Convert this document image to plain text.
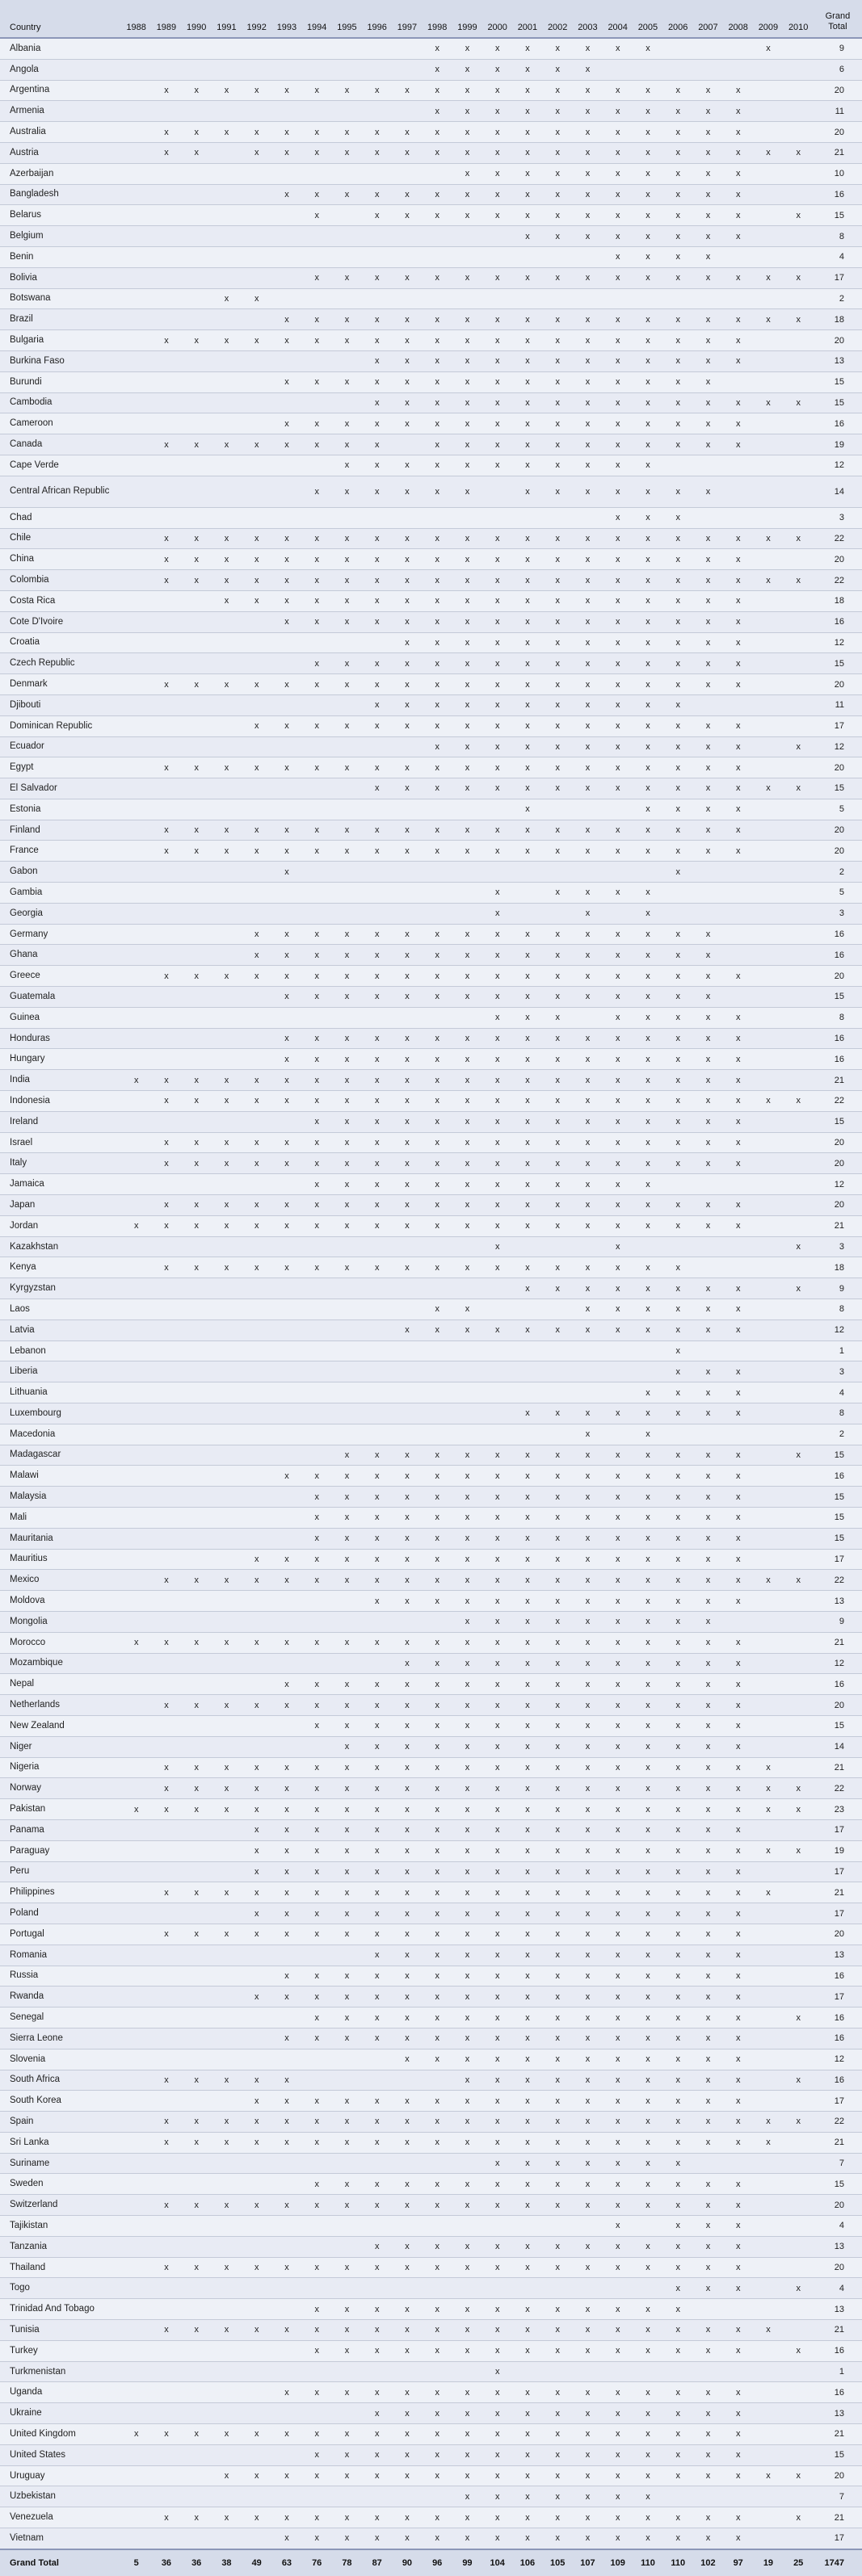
Country	1988	1989	1990	1991	1992	1993	1994	1995	1996	1997	1998	1999	2000	2001	2002	2003	2004	2005	2006	2007	2008	2009	2010	Grand
Total
Albania											x	x	x	x	x	x	x	x				x		9
Angola											x	x	x	x	x	x								6
Argentina		x	x	x	x	x	x	x	x	x	x	x	x	x	x	x	x	x	x	x	x			20
Armenia											x	x	x	x	x	x	x	x	x	x	x			11
Australia		x	x	x	x	x	x	x	x	x	x	x	x	x	x	x	x	x	x	x	x			20
Austria		x	x		x	x	x	x	x	x	x	x	x	x	x	x	x	x	x	x	x	x	x	21
Azerbaijan												x	x	x	x	x	x	x	x	x	x			10
Bangladesh						x	x	x	x	x	x	x	x	x	x	x	x	x	x	x	x			16
Belarus							x		x	x	x	x	x	x	x	x	x	x	x	x	x		x	15
Belgium														x	x	x	x	x	x	x	x			8
Benin																	x	x	x	x				4
Bolivia							x	x	x	x	x	x	x	x	x	x	x	x	x	x	x	x	x	17
Botswana				x	x																			2
Brazil						x	x	x	x	x	x	x	x	x	x	x	x	x	x	x	x	x	x	18
Bulgaria		x	x	x	x	x	x	x	x	x	x	x	x	x	x	x	x	x	x	x	x			20
Burkina Faso									x	x	x	x	x	x	x	x	x	x	x	x	x			13
Burundi						x	x	x	x	x	x	x	x	x	x	x	x	x	x	x				15
Cambodia									x	x	x	x	x	x	x	x	x	x	x	x	x	x	x	15
Cameroon						x	x	x	x	x	x	x	x	x	x	x	x	x	x	x	x			16
Canada		x	x	x	x	x	x	x	x		x	x	x	x	x	x	x	x	x	x	x			19
Cape Verde								x	x	x	x	x	x	x	x	x	x	x						12
Central African Republic							x	x	x	x	x	x		x	x	x	x	x	x	x				14
Chad																	x	x	x					3
Chile		x	x	x	x	x	x	x	x	x	x	x	x	x	x	x	x	x	x	x	x	x	x	22
China		x	x	x	x	x	x	x	x	x	x	x	x	x	x	x	x	x	x	x	x			20
Colombia		x	x	x	x	x	x	x	x	x	x	x	x	x	x	x	x	x	x	x	x	x	x	22
Costa Rica				x	x	x	x	x	x	x	x	x	x	x	x	x	x	x	x	x	x			18
Cote D'Ivoire						x	x	x	x	x	x	x	x	x	x	x	x	x	x	x	x			16
Croatia										x	x	x	x	x	x	x	x	x	x	x	x			12
Czech Republic							x	x	x	x	x	x	x	x	x	x	x	x	x	x	x			15
Denmark		x	x	x	x	x	x	x	x	x	x	x	x	x	x	x	x	x	x	x	x			20
Djibouti									x	x	x	x	x	x	x	x	x	x	x					11
Dominican Republic					x	x	x	x	x	x	x	x	x	x	x	x	x	x	x	x	x			17
Ecuador											x	x	x	x	x	x	x	x	x	x	x		x	12
Egypt		x	x	x	x	x	x	x	x	x	x	x	x	x	x	x	x	x	x	x	x			20
El Salvador									x	x	x	x	x	x	x	x	x	x	x	x	x	x	x	15
Estonia														x				x	x	x	x			5
Finland		x	x	x	x	x	x	x	x	x	x	x	x	x	x	x	x	x	x	x	x			20
France		x	x	x	x	x	x	x	x	x	x	x	x	x	x	x	x	x	x	x	x			20
Gabon						x													x					2
Gambia													x		x	x	x	x						5
Georgia													x			x		x						3
Germany					x	x	x	x	x	x	x	x	x	x	x	x	x	x	x	x				16
Ghana					x	x	x	x	x	x	x	x	x	x	x	x	x	x	x	x				16
Greece		x	x	x	x	x	x	x	x	x	x	x	x	x	x	x	x	x	x	x	x			20
Guatemala						x	x	x	x	x	x	x	x	x	x	x	x	x	x	x				15
Guinea													x	x	x		x	x	x	x	x			8
Honduras						x	x	x	x	x	x	x	x	x	x	x	x	x	x	x	x			16
Hungary						x	x	x	x	x	x	x	x	x	x	x	x	x	x	x	x			16
India	x	x	x	x	x	x	x	x	x	x	x	x	x	x	x	x	x	x	x	x	x			21
Indonesia		x	x	x	x	x	x	x	x	x	x	x	x	x	x	x	x	x	x	x	x	x	x	22
Ireland							x	x	x	x	x	x	x	x	x	x	x	x	x	x	x			15
Israel		x	x	x	x	x	x	x	x	x	x	x	x	x	x	x	x	x	x	x	x			20
Italy		x	x	x	x	x	x	x	x	x	x	x	x	x	x	x	x	x	x	x	x			20
Jamaica							x	x	x	x	x	x	x	x	x	x	x	x						12
Japan		x	x	x	x	x	x	x	x	x	x	x	x	x	x	x	x	x	x	x	x			20
Jordan	x	x	x	x	x	x	x	x	x	x	x	x	x	x	x	x	x	x	x	x	x			21
Kazakhstan													x				x						x	3
Kenya		x	x	x	x	x	x	x	x	x	x	x	x	x	x	x	x	x	x					18
Kyrgyzstan														x	x	x	x	x	x	x	x		x	9
Laos											x	x				x	x	x	x	x	x			8
Latvia										x	x	x	x	x	x	x	x	x	x	x	x			12
Lebanon																			x					1
Liberia																			x	x	x			3
Lithuania																		x	x	x	x			4
Luxembourg														x	x	x	x	x	x	x	x			8
Macedonia																x		x						2
Madagascar								x	x	x	x	x	x	x	x	x	x	x	x	x	x		x	15
Malawi						x	x	x	x	x	x	x	x	x	x	x	x	x	x	x	x			16
Malaysia							x	x	x	x	x	x	x	x	x	x	x	x	x	x	x			15
Mali							x	x	x	x	x	x	x	x	x	x	x	x	x	x	x			15
Mauritania							x	x	x	x	x	x	x	x	x	x	x	x	x	x	x			15
Mauritius					x	x	x	x	x	x	x	x	x	x	x	x	x	x	x	x	x			17
Mexico		x	x	x	x	x	x	x	x	x	x	x	x	x	x	x	x	x	x	x	x	x	x	22
Moldova									x	x	x	x	x	x	x	x	x	x	x	x	x			13
Mongolia												x	x	x	x	x	x	x	x	x				9
Morocco	x	x	x	x	x	x	x	x	x	x	x	x	x	x	x	x	x	x	x	x	x			21
Mozambique										x	x	x	x	x	x	x	x	x	x	x	x			12
Nepal						x	x	x	x	x	x	x	x	x	x	x	x	x	x	x	x			16
Netherlands		x	x	x	x	x	x	x	x	x	x	x	x	x	x	x	x	x	x	x	x			20
New Zealand							x	x	x	x	x	x	x	x	x	x	x	x	x	x	x			15
Niger								x	x	x	x	x	x	x	x	x	x	x	x	x	x			14
Nigeria		x	x	x	x	x	x	x	x	x	x	x	x	x	x	x	x	x	x	x	x	x		21
Norway		x	x	x	x	x	x	x	x	x	x	x	x	x	x	x	x	x	x	x	x	x	x	22
Pakistan	x	x	x	x	x	x	x	x	x	x	x	x	x	x	x	x	x	x	x	x	x	x	x	23
Panama					x	x	x	x	x	x	x	x	x	x	x	x	x	x	x	x	x			17
Paraguay					x	x	x	x	x	x	x	x	x	x	x	x	x	x	x	x	x	x	x	19
Peru					x	x	x	x	x	x	x	x	x	x	x	x	x	x	x	x	x			17
Philippines		x	x	x	x	x	x	x	x	x	x	x	x	x	x	x	x	x	x	x	x	x		21
Poland					x	x	x	x	x	x	x	x	x	x	x	x	x	x	x	x	x			17
Portugal		x	x	x	x	x	x	x	x	x	x	x	x	x	x	x	x	x	x	x	x			20
Romania									x	x	x	x	x	x	x	x	x	x	x	x	x			13
Russia						x	x	x	x	x	x	x	x	x	x	x	x	x	x	x	x			16
Rwanda					x	x	x	x	x	x	x	x	x	x	x	x	x	x	x	x	x			17
Senegal							x	x	x	x	x	x	x	x	x	x	x	x	x	x	x		x	16
Sierra Leone						x	x	x	x	x	x	x	x	x	x	x	x	x	x	x	x			16
Slovenia										x	x	x	x	x	x	x	x	x	x	x	x			12
South Africa		x	x	x	x	x						x	x	x	x	x	x	x	x	x	x		x	16
South Korea					x	x	x	x	x	x	x	x	x	x	x	x	x	x	x	x	x			17
Spain		x	x	x	x	x	x	x	x	x	x	x	x	x	x	x	x	x	x	x	x	x	x	22
Sri Lanka		x	x	x	x	x	x	x	x	x	x	x	x	x	x	x	x	x	x	x	x	x		21
Suriname													x	x	x	x	x	x	x					7
Sweden							x	x	x	x	x	x	x	x	x	x	x	x	x	x	x			15
Switzerland		x	x	x	x	x	x	x	x	x	x	x	x	x	x	x	x	x	x	x	x			20
Tajikistan																	x		x	x	x			4
Tanzania									x	x	x	x	x	x	x	x	x	x	x	x	x			13
Thailand		x	x	x	x	x	x	x	x	x	x	x	x	x	x	x	x	x	x	x	x			20
Togo																			x	x	x		x	4
Trinidad And Tobago							x	x	x	x	x	x	x	x	x	x	x	x	x					13
Tunisia		x	x	x	x	x	x	x	x	x	x	x	x	x	x	x	x	x	x	x	x	x		21
Turkey							x	x	x	x	x	x	x	x	x	x	x	x	x	x	x		x	16
Turkmenistan													x											1
Uganda						x	x	x	x	x	x	x	x	x	x	x	x	x	x	x	x			16
Ukraine									x	x	x	x	x	x	x	x	x	x	x	x	x			13
United Kingdom	x	x	x	x	x	x	x	x	x	x	x	x	x	x	x	x	x	x	x	x	x			21
United States							x	x	x	x	x	x	x	x	x	x	x	x	x	x	x			15
Uruguay				x	x	x	x	x	x	x	x	x	x	x	x	x	x	x	x	x	x	x	x	20
Uzbekistan												x	x	x	x	x	x	x						7
Venezuela		x	x	x	x	x	x	x	x	x	x	x	x	x	x	x	x	x	x	x	x		x	21
Vietnam						x	x	x	x	x	x	x	x	x	x	x	x	x	x	x	x			17
Grand Total	5	36	36	38	49	63	76	78	87	90	96	99	104	106	105	107	109	110	110	102	97	19	25	1747
